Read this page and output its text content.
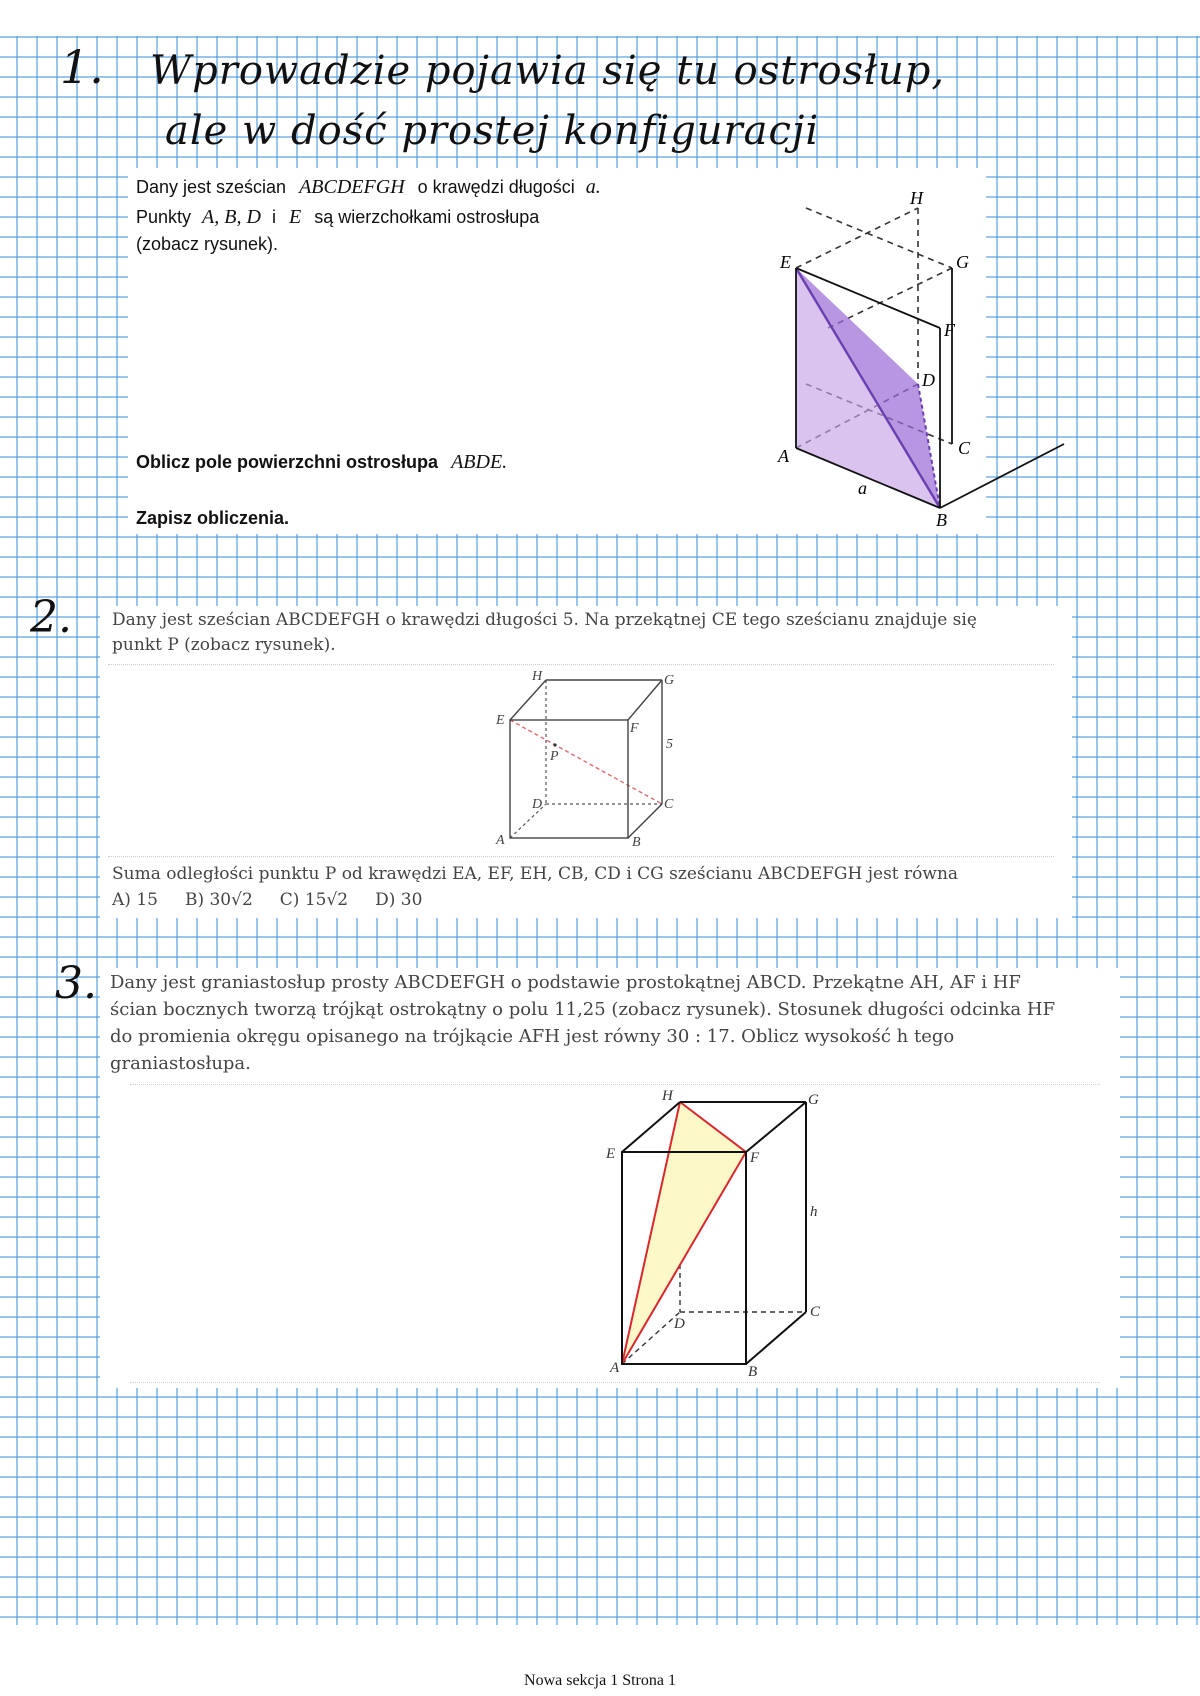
1. Wprowadzie pojawia się tu ostrosłup,
ale w dość prostej konfiguracji
Dany jest sześcian ABCDEFGH o krawędzi długości a.
Punkty A, B, D i E są wierzchołkami ostrosłupa
(zobacz rysunek).
Oblicz pole powierzchni ostrosłupa ABDE.
Zapisz obliczenia.
H
G
E
F
D
A	C
B
a
2. Dany jest sześcian ABCDEFGH o krawędzi długości 5. Na przekątnej CE tego sześcianu znajduje się
punkt P (zobacz rysunek).
H	G
E
F
P
5
D	C
A	B
Suma odległości punktu P od krawędzi EA, EF, EH, CB, CD i CG sześcianu ABCDEFGH jest równa
A) 15     B) 30√2     C) 15√2     D) 30
3. Dany jest graniastosłup prosty ABCDEFGH o podstawie prostokątnej ABCD. Przekątne AH, AF i HF
ścian bocznych tworzą trójkąt ostrokątny o polu 11,25 (zobacz rysunek). Stosunek długości odcinka HF
do promienia okręgu opisanego na trójkącie AFH jest równy 30 : 17. Oblicz wysokość h tego
graniastosłupa.
H	G
E	F
h
D
C
A	B
Nowa sekcja 1 Strona 1
